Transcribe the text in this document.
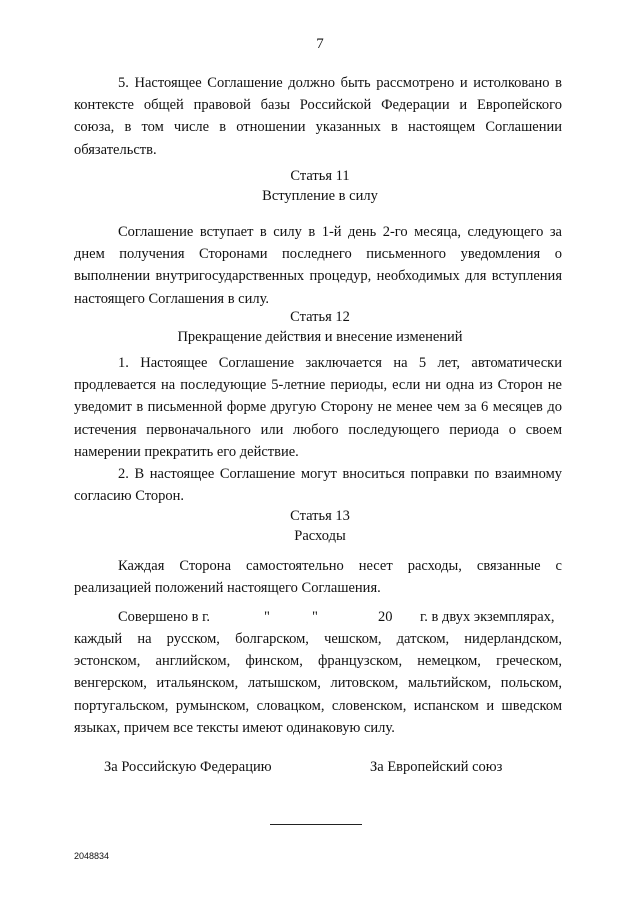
7

5. Настоящее Соглашение должно быть рассмотрено и истолковано в контексте общей правовой базы Российской Федерации и Европейского союза, в том числе в отношении указанных в настоящем Соглашении обязательств.

Статья 11
Вступление в силу

Соглашение вступает в силу в 1-й день 2-го месяца, следующего за днем получения Сторонами последнего письменного уведомления о выполнении внутригосударственных процедур, необходимых для вступления настоящего Соглашения в силу.

Статья 12
Прекращение действия и внесение изменений

1. Настоящее Соглашение заключается на 5 лет, автоматически продлевается на последующие 5-летние периоды, если ни одна из Сторон не уведомит в письменной форме другую Сторону не менее чем за 6 месяцев до истечения первоначального или любого последующего периода о своем намерении прекратить его действие.

2. В настоящее Соглашение могут вноситься поправки по взаимному согласию Сторон.

Статья 13
Расходы

Каждая Сторона самостоятельно несет расходы, связанные с реализацией положений настоящего Соглашения.

Совершено в г.	"	"	20 г. в двух экземплярах,

каждый на русском, болгарском, чешском, датском, нидерландском, эстонском, английском, финском, французском, немецком, греческом, венгерском, итальянском, латышском, литовском, мальтийском, польском, португальском, румынском, словацком, словенском, испанском и шведском языках, причем все тексты имеют одинаковую силу.

За Российскую Федерацию	За Европейский союз
2048834
